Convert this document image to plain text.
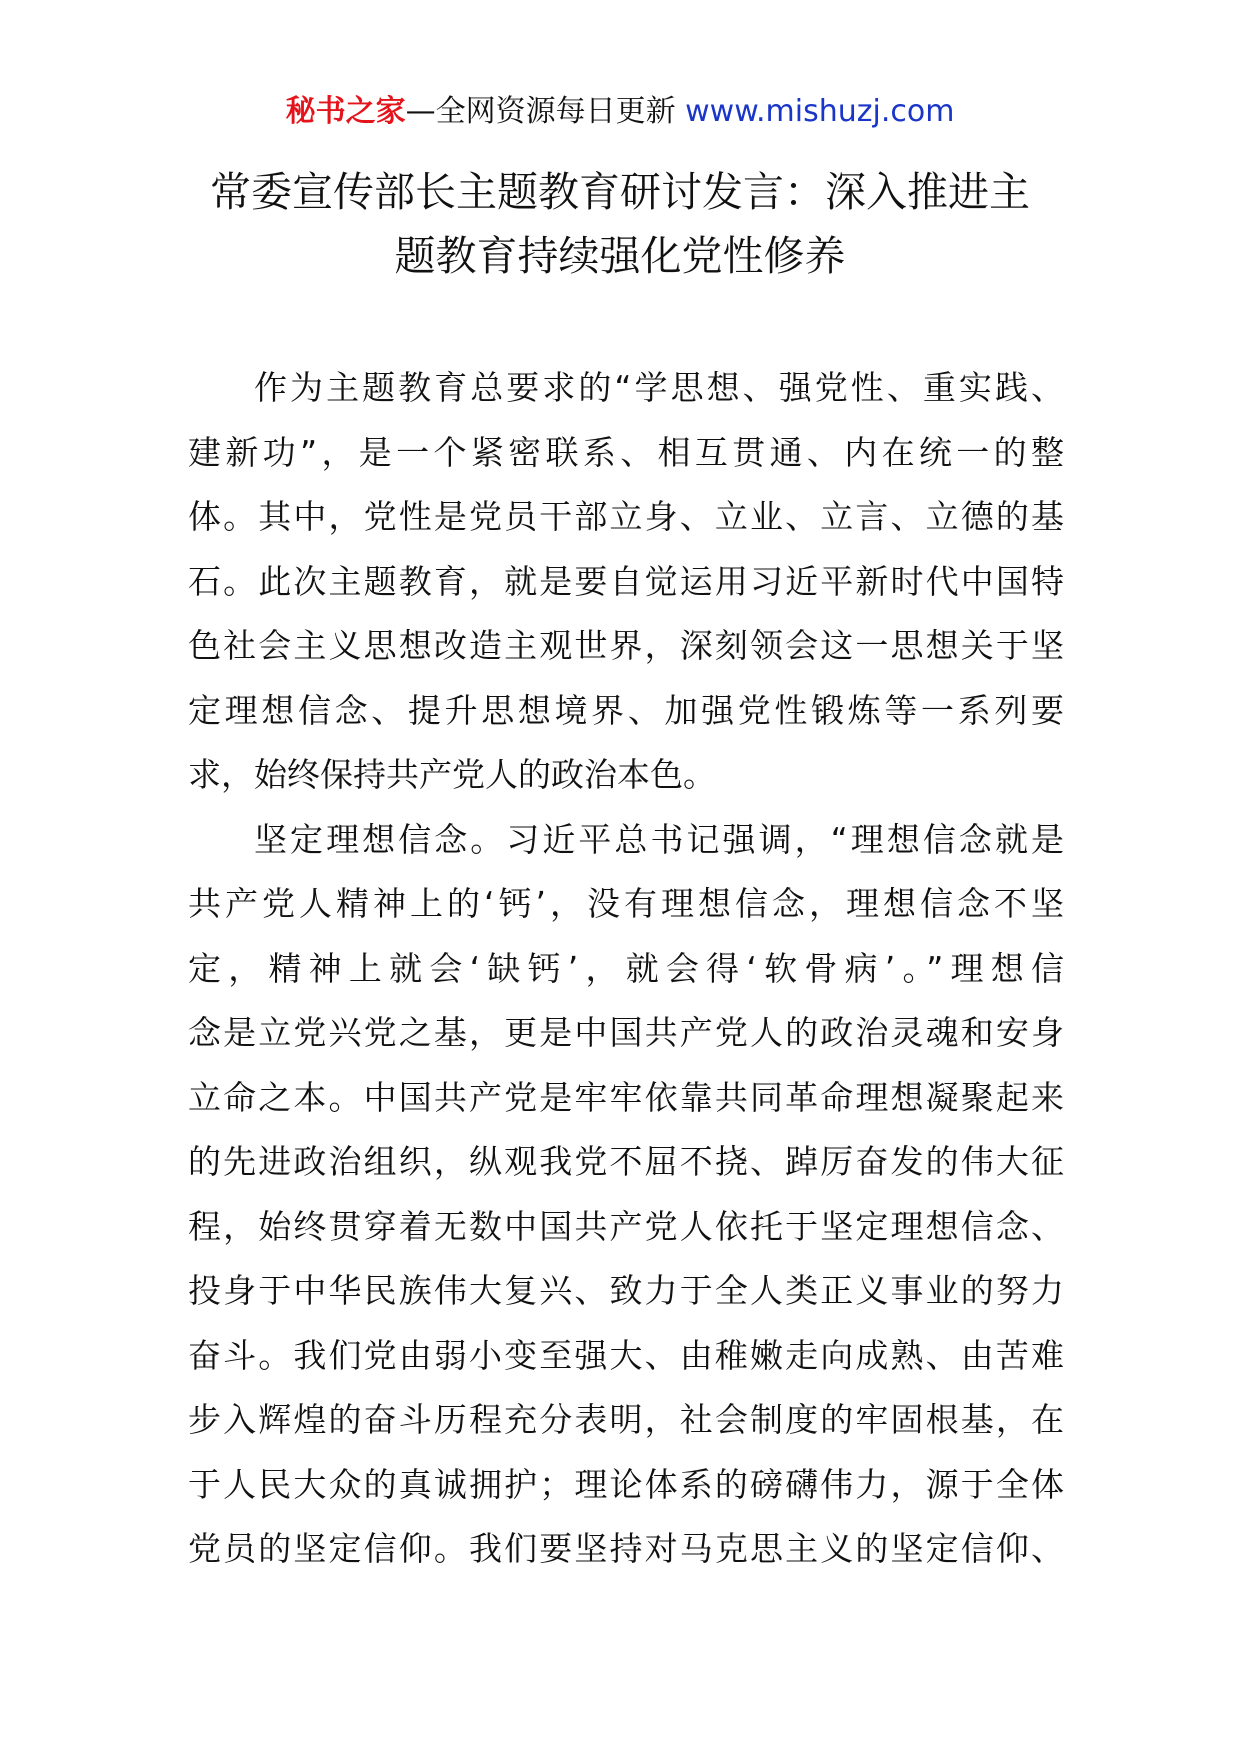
秘书之家—全网资源每日更新 www.mishuzj.com
常委宣传部长主题教育研讨发言：深入推进主
题教育持续强化党性修养
作为主题教育总要求的“学思想、强党性、重实践、
建新功”，是一个紧密联系、相互贯通、内在统一的整
体。其中，党性是党员干部立身、立业、立言、立德的基
石。此次主题教育，就是要自觉运用习近平新时代中国特
色社会主义思想改造主观世界，深刻领会这一思想关于坚
定理想信念、提升思想境界、加强党性锻炼等一系列要
求，始终保持共产党人的政治本色。
坚定理想信念。习近平总书记强调，“理想信念就是
共产党人精神上的‘钙’，没有理想信念，理想信念不坚
定，精神上就会‘缺钙’，就会得‘软骨病’。”理想信
念是立党兴党之基，更是中国共产党人的政治灵魂和安身
立命之本。中国共产党是牢牢依靠共同革命理想凝聚起来
的先进政治组织，纵观我党不屈不挠、踔厉奋发的伟大征
程，始终贯穿着无数中国共产党人依托于坚定理想信念、
投身于中华民族伟大复兴、致力于全人类正义事业的努力
奋斗。我们党由弱小变至强大、由稚嫩走向成熟、由苦难
步入辉煌的奋斗历程充分表明，社会制度的牢固根基，在
于人民大众的真诚拥护；理论体系的磅礴伟力，源于全体
党员的坚定信仰。我们要坚持对马克思主义的坚定信仰、
